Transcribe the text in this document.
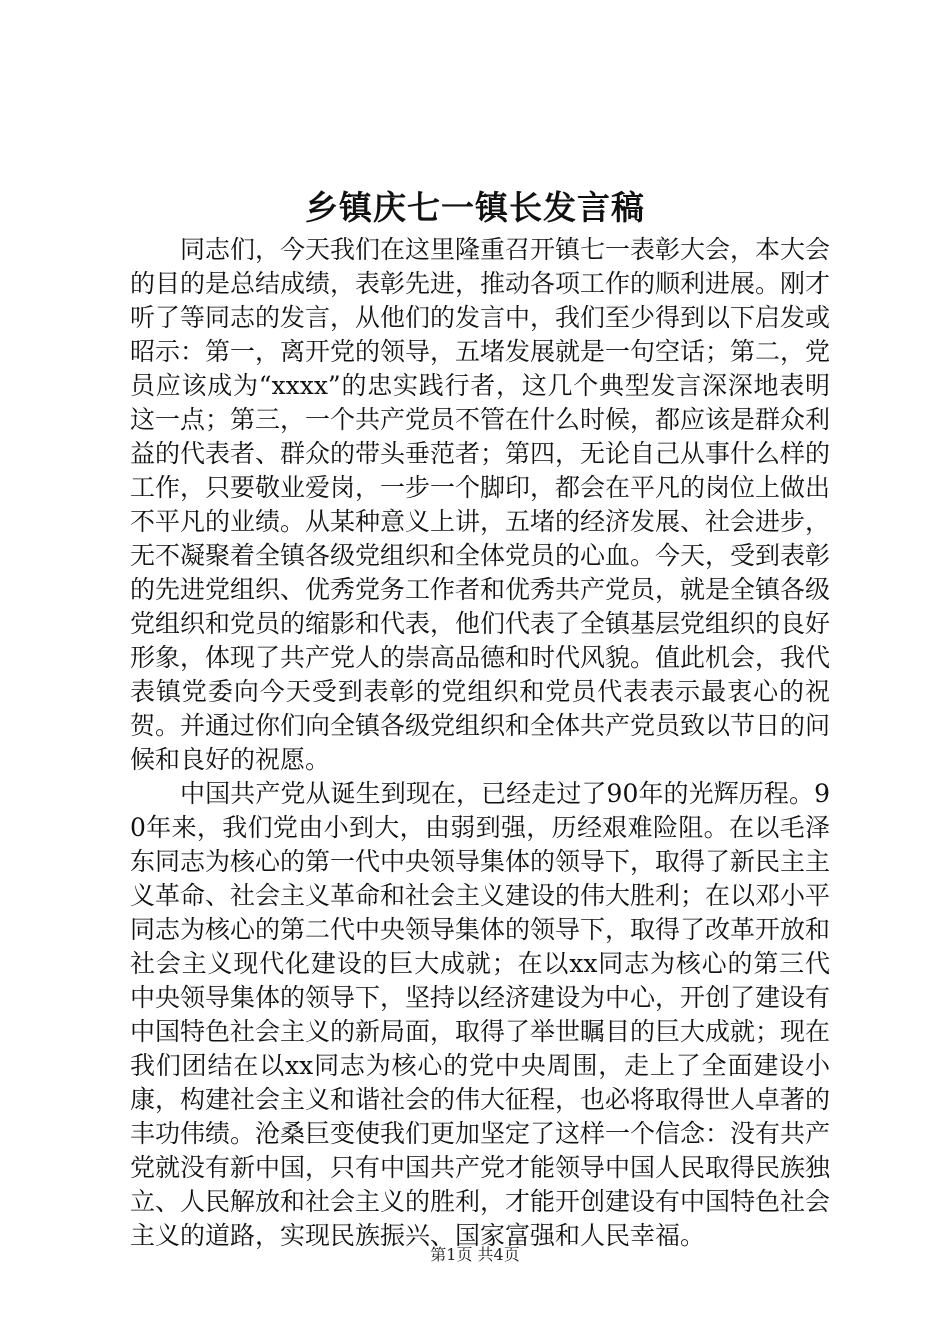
乡镇庆七一镇长发言稿

同志们，今天我们在这里隆重召开镇七一表彰大会，本大会的目的是总结成绩，表彰先进，推动各项工作的顺利进展。刚才听了等同志的发言，从他们的发言中，我们至少得到以下启发或昭示：第一，离开党的领导，五堵发展就是一句空话；第二，党员应该成为“xxxx”的忠实践行者，这几个典型发言深深地表明这一点；第三，一个共产党员不管在什么时候，都应该是群众利益的代表者、群众的带头垂范者；第四，无论自己从事什么样的工作，只要敬业爱岗，一步一个脚印，都会在平凡的岗位上做出不平凡的业绩。从某种意义上讲，五堵的经济发展、社会进步，无不凝聚着全镇各级党组织和全体党员的心血。今天，受到表彰的先进党组织、优秀党务工作者和优秀共产党员，就是全镇各级党组织和党员的缩影和代表，他们代表了全镇基层党组织的良好形象，体现了共产党人的崇高品德和时代风貌。值此机会，我代表镇党委向今天受到表彰的党组织和党员代表表示最衷心的祝贺。并通过你们向全镇各级党组织和全体共产党员致以节日的问候和良好的祝愿。

中国共产党从诞生到现在，已经走过了90年的光辉历程。90年来，我们党由小到大，由弱到强，历经艰难险阻。在以毛泽东同志为核心的第一代中央领导集体的领导下，取得了新民主主义革命、社会主义革命和社会主义建设的伟大胜利；在以邓小平同志为核心的第二代中央领导集体的领导下，取得了改革开放和社会主义现代化建设的巨大成就；在以xx同志为核心的第三代中央领导集体的领导下，坚持以经济建设为中心，开创了建设有中国特色社会主义的新局面，取得了举世瞩目的巨大成就；现在我们团结在以xx同志为核心的党中央周围，走上了全面建设小康，构建社会主义和谐社会的伟大征程，也必将取得世人卓著的丰功伟绩。沧桑巨变使我们更加坚定了这样一个信念：没有共产党就没有新中国，只有中国共产党才能领导中国人民取得民族独立、人民解放和社会主义的胜利，才能开创建设有中国特色社会主义的道路，实现民族振兴、国家富强和人民幸福。

第1页 共4页
